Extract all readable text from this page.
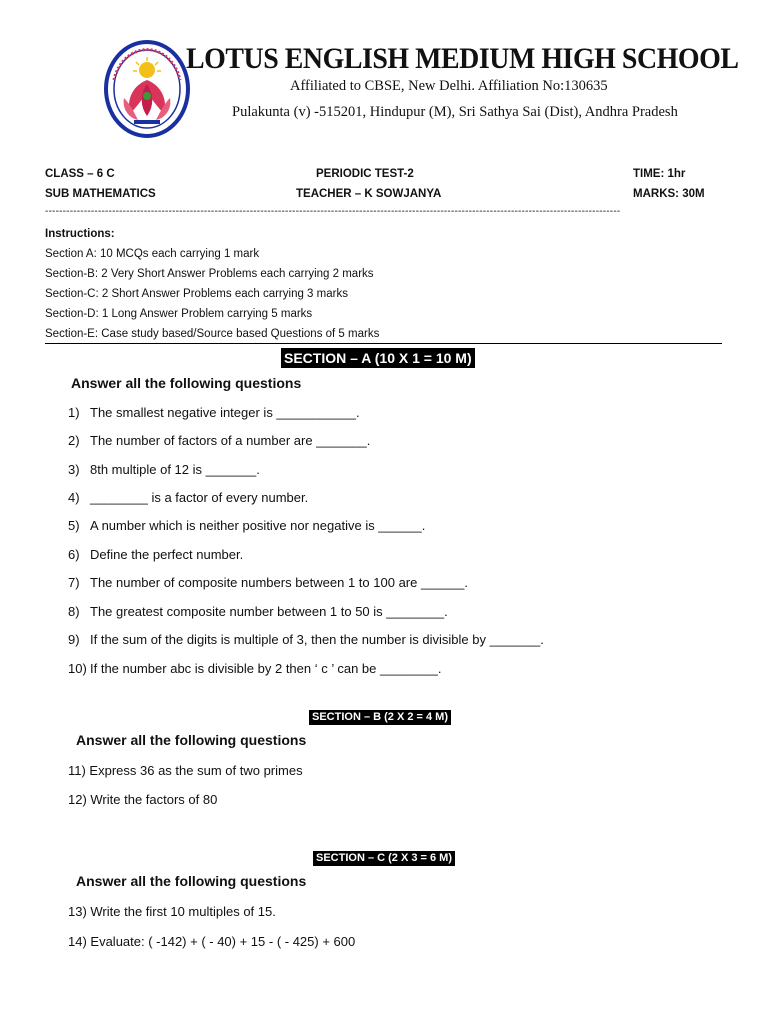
LOTUS ENGLISH MEDIUM HIGH SCHOOL
Affiliated to CBSE, New Delhi. Affiliation No:130635
Pulakunta (v) -515201, Hindupur (M), Sri Sathya Sai (Dist), Andhra Pradesh
CLASS – 6 C
SUB MATHEMATICS
PERIODIC TEST-2
TEACHER – K SOWJANYA
TIME: 1hr
MARKS: 30M
-------------------------------------------------------------------------------------------------------------------------------------------------------------------
Instructions:
Section A: 10 MCQs each carrying 1 mark
Section-B: 2 Very Short Answer Problems each carrying 2 marks
Section-C: 2 Short Answer Problems each carrying 3 marks
Section-D: 1 Long Answer Problem carrying 5 marks
Section-E: Case study based/Source based Questions of 5 marks
SECTION – A (10 X 1 = 10 M)
Answer all the following questions
1) The smallest negative integer is ___________.
2) The number of factors of a number are _______.
3) 8th multiple of 12 is _______.
4) ________ is a factor of every number.
5) A number which is neither positive nor negative is ______.
6) Define the perfect number.
7) The number of composite numbers between 1 to 100 are ______.
8) The greatest composite number between 1 to 50 is ________.
9) If the sum of the digits is multiple of 3, then the number is divisible by _______.
10) If the number abc is divisible by 2 then ‘ c ’ can be ________.
SECTION – B (2 X 2 = 4 M)
Answer all the following questions
11) Express 36 as the sum of two primes
12) Write the factors of 80
SECTION – C (2 X 3 = 6 M)
Answer all the following questions
13) Write the first 10 multiples of 15.
14) Evaluate: ( -142) + ( - 40) + 15 - ( - 425) + 600
